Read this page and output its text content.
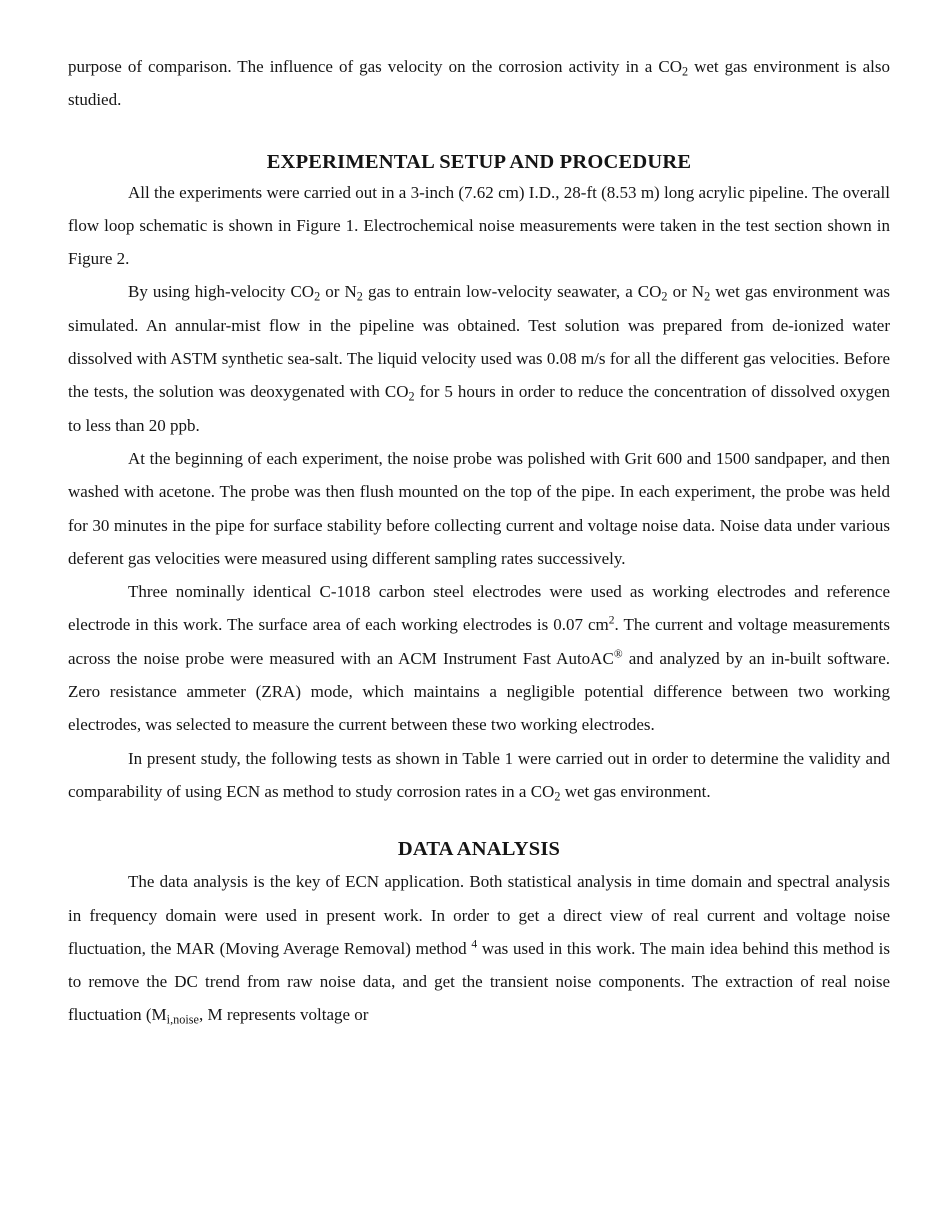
purpose of comparison. The influence of gas velocity on the corrosion activity in a $CO_2$ wet gas environment is also studied.

EXPERIMENTAL SETUP AND PROCEDURE

All the experiments were carried out in a 3-inch (7.62 cm) I.D., 28-ft (8.53 m) long acrylic pipeline. The overall flow loop schematic is shown in Figure 1. Electrochemical noise measurements were taken in the test section shown in Figure 2.

By using high-velocity $CO_2$ or $N_2$ gas to entrain low-velocity seawater, a $CO_2$ or $N_2$ wet gas environment was simulated. An annular-mist flow in the pipeline was obtained. Test solution was prepared from de-ionized water dissolved with ASTM synthetic sea-salt. The liquid velocity used was 0.08 m/s for all the different gas velocities. Before the tests, the solution was deoxygenated with $CO_2$ for 5 hours in order to reduce the concentration of dissolved oxygen to less than 20 ppb.

At the beginning of each experiment, the noise probe was polished with Grit 600 and 1500 sandpaper, and then washed with acetone. The probe was then flush mounted on the top of the pipe. In each experiment, the probe was held for 30 minutes in the pipe for surface stability before collecting current and voltage noise data. Noise data under various deferent gas velocities were measured using different sampling rates successively.

Three nominally identical C-1018 carbon steel electrodes were used as working electrodes and reference electrode in this work. The surface area of each working electrodes is 0.07 $cm^2$. The current and voltage measurements across the noise probe were measured with an ACM Instrument Fast AutoAC® and analyzed by an in-built software. Zero resistance ammeter (ZRA) mode, which maintains a negligible potential difference between two working electrodes, was selected to measure the current between these two working electrodes.

In present study, the following tests as shown in Table 1 were carried out in order to determine the validity and comparability of using ECN as method to study corrosion rates in a $CO_2$ wet gas environment.

DATA ANALYSIS

The data analysis is the key of ECN application. Both statistical analysis in time domain and spectral analysis in frequency domain were used in present work. In order to get a direct view of real current and voltage noise fluctuation, the MAR (Moving Average Removal) method $^4$ was used in this work. The main idea behind this method is to remove the DC trend from raw noise data, and get the transient noise components. The extraction of real noise fluctuation ($M_{i,noise}$, M represents voltage or
